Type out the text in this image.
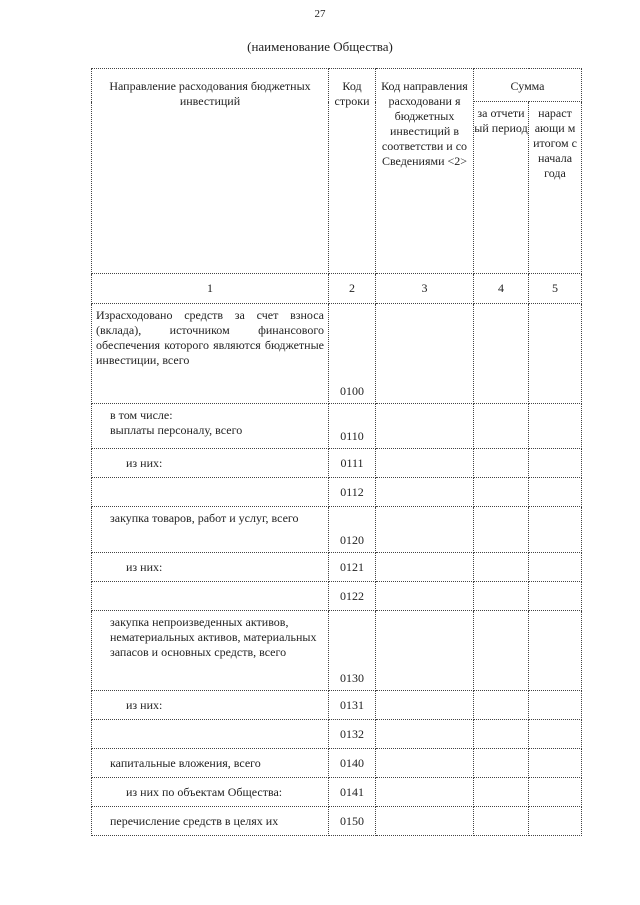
27
(наименование Общества)
Направление расходования бюджетных инвестиций	Код строки	Код направления расходовани я бюджетных инвестиций в соответстви и со Сведениями <2>	Сумма	
			за отчети ый период	нараст ающи м итогом с начала года
1	2	3	4	5
Израсходовано средств за счет взноса (вклада), источником финансового обеспечения которого являются бюджетные инвестиции, всего	0100			

в том числе:
выплаты персоналу, всего	0110			
из них:	0111			
	0112			
закупка товаров, работ и услуг, всего	0120			
из них:	0121			
	0122			
закупка непроизведенных активов, нематериальных активов, материальных запасов и основных средств, всего	0130			
из них:	0131			
	0132			
капитальные вложения, всего	0140			
из них по объектам Общества:	0141			
перечисление средств в целях их	0150			
